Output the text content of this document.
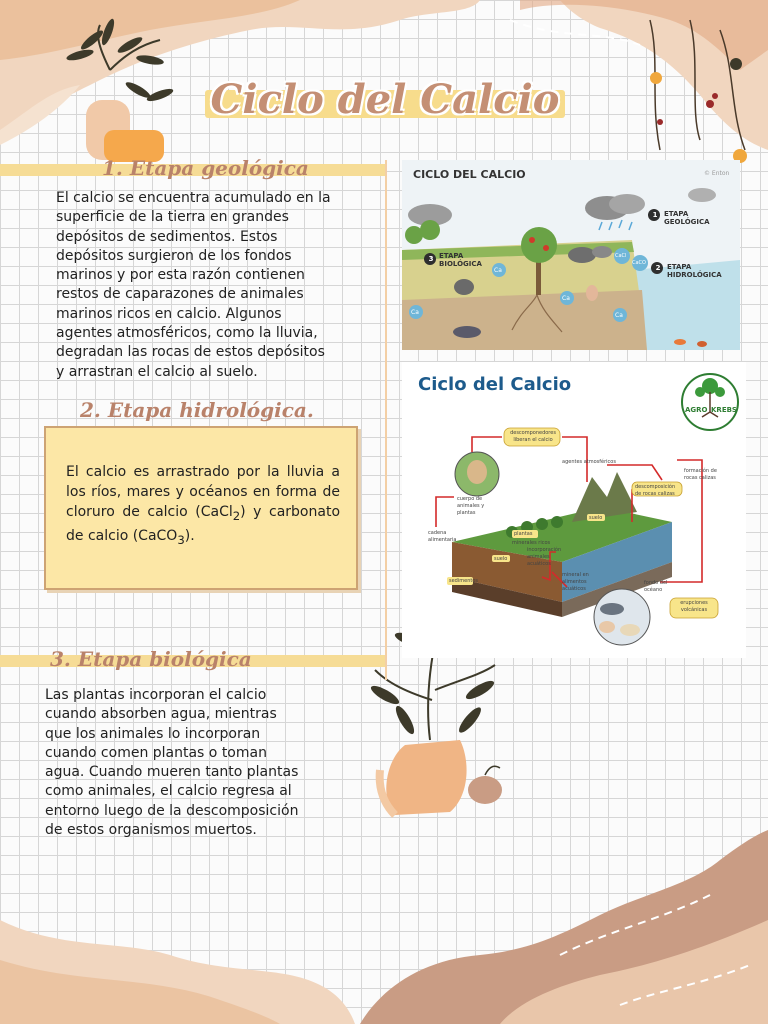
Ciclo del Calcio
1. Etapa geológica
El calcio se encuentra acumulado en la
superficie de la tierra en grandes
depósitos de sedimentos. Estos
depósitos surgieron de los fondos
marinos y por esta razón contienen
restos de caparazones de animales
marinos ricos en calcio. Algunos
agentes atmosféricos, como la lluvia,
degradan las rocas de estos depósitos
y arrastran el calcio al suelo.
2. Etapa hidrológica.

El calcio es arrastrado por la lluvia a los ríos, mares y océanos en forma de cloruro de calcio (CaCl$_2$) y carbonato de calcio (CaCO$_3$).

3. Etapa biológica
Las plantas incorporan el calcio
cuando absorben agua, mientras
que los animales lo incorporan
cuando comen plantas o toman
agua. Cuando mueren tanto plantas
como animales, el calcio regresa al
entorno luego de la descomposición
de estos organismos muertos.
CICLO DEL CALCIO	© Enton
1 ETAPA
GEOLÓGICA
2 ETAPA
HIDROLÓGICA
3 ETAPA
BIOLÓGICA
Ca
Ca
Ca
Ca
CaCO
CaCl
Ciclo del Calcio
AGRO KREBS
descomponedores liberan el calcio
agentes atmosféricos
formación de rocas calizas
descomposición de rocas calizas
cadena alimentaria
plantas
suelo
suelo
sedimentos
erupciones volcánicas
fondo del océano
incorporación animales acuáticos
cuerpo de animales y plantas
mineral en alimentos acuáticos
minerales ricos
